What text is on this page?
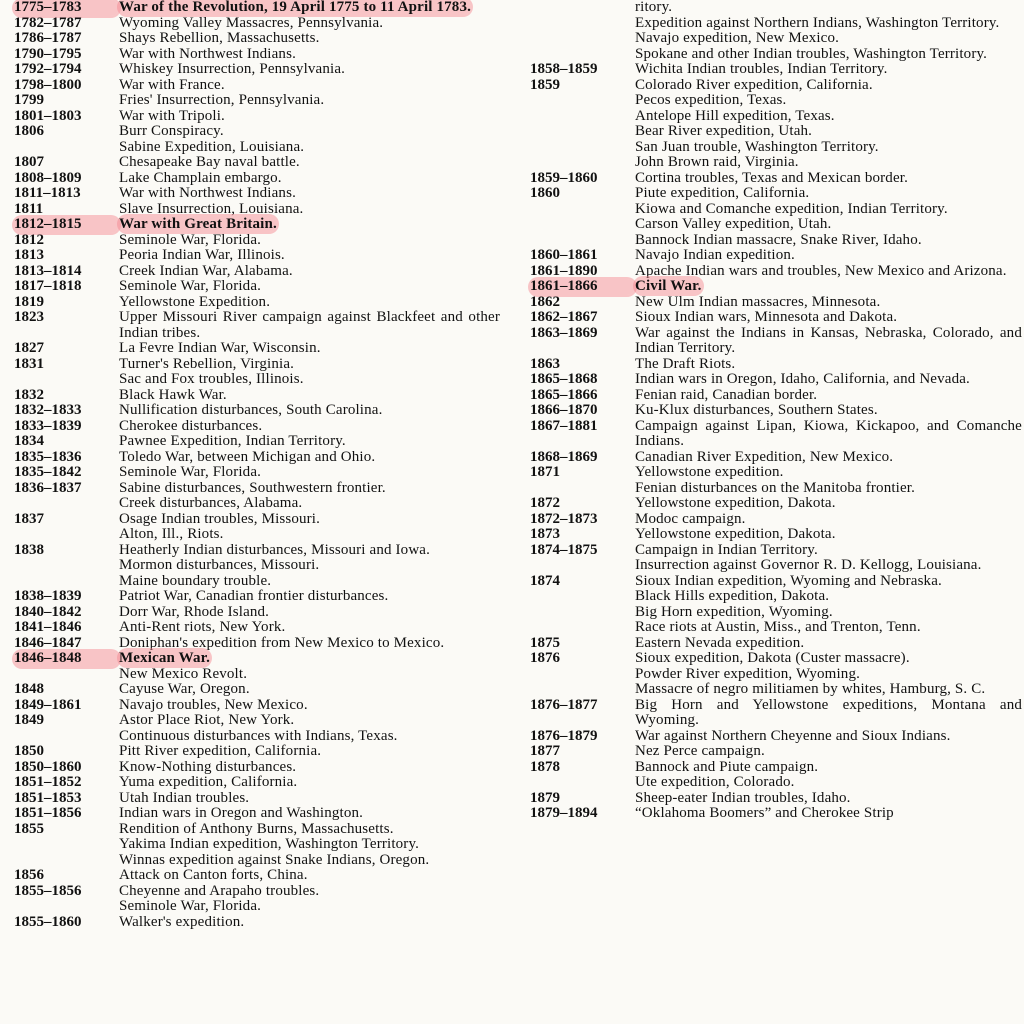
1775–1783	War of the Revolution, 19 April 1775 to 11 April 1783.
1782–1787	Wyoming Valley Massacres, Pennsylvania.
1786–1787	Shays Rebellion, Massachusetts.
1790–1795	War with Northwest Indians.
1792–1794	Whiskey Insurrection, Pennsylvania.
1798–1800	War with France.
1799	Fries' Insurrection, Pennsylvania.
1801–1803	War with Tripoli.
1806	Burr Conspiracy.
Sabine Expedition, Louisiana.
1807	Chesapeake Bay naval battle.
1808–1809	Lake Champlain embargo.
1811–1813	War with Northwest Indians.
1811	Slave Insurrection, Louisiana.
1812–1815	War with Great Britain.
1812	Seminole War, Florida.
1813	Peoria Indian War, Illinois.
1813–1814	Creek Indian War, Alabama.
1817–1818	Seminole War, Florida.
1819	Yellowstone Expedition.
1823	Upper Missouri River campaign against Blackfeet and other Indian tribes.
1827	La Fevre Indian War, Wisconsin.
1831	Turner's Rebellion, Virginia.
Sac and Fox troubles, Illinois.
1832	Black Hawk War.
1832–1833	Nullification disturbances, South Carolina.
1833–1839	Cherokee disturbances.
1834	Pawnee Expedition, Indian Territory.
1835–1836	Toledo War, between Michigan and Ohio.
1835–1842	Seminole War, Florida.
1836–1837	Sabine disturbances, Southwestern frontier.
Creek disturbances, Alabama.
1837	Osage Indian troubles, Missouri.
Alton, Ill., Riots.
1838	Heatherly Indian disturbances, Missouri and Iowa.
Mormon disturbances, Missouri.
Maine boundary trouble.
1838–1839	Patriot War, Canadian frontier disturbances.
1840–1842	Dorr War, Rhode Island.
1841–1846	Anti-Rent riots, New York.
1846–1847	Doniphan's expedition from New Mexico to Mexico.
1846–1848	Mexican War.
New Mexico Revolt.
1848	Cayuse War, Oregon.
1849–1861	Navajo troubles, New Mexico.
1849	Astor Place Riot, New York.
Continuous disturbances with Indians, Texas.
1850	Pitt River expedition, California.
1850–1860	Know-Nothing disturbances.
1851–1852	Yuma expedition, California.
1851–1853	Utah Indian troubles.
1851–1856	Indian wars in Oregon and Washington.
1855	Rendition of Anthony Burns, Massachusetts.
Yakima Indian expedition, Washington Territory.
Winnas expedition against Snake Indians, Oregon.
1856	Attack on Canton forts, China.
1855–1856	Cheyenne and Arapaho troubles.
Seminole War, Florida.
1855–1860	Walker's expedition.
ritory.
Expedition against Northern Indians, Washington Territory.
Navajo expedition, New Mexico.
Spokane and other Indian troubles, Washington Territory.
1858–1859	Wichita Indian troubles, Indian Territory.
1859	Colorado River expedition, California.
Pecos expedition, Texas.
Antelope Hill expedition, Texas.
Bear River expedition, Utah.
San Juan trouble, Washington Territory.
John Brown raid, Virginia.
1859–1860	Cortina troubles, Texas and Mexican border.
1860	Piute expedition, California.
Kiowa and Comanche expedition, Indian Territory.
Carson Valley expedition, Utah.
Bannock Indian massacre, Snake River, Idaho.
1860–1861	Navajo Indian expedition.
1861–1890	Apache Indian wars and troubles, New Mexico and Arizona.
1861–1866	Civil War.
1862	New Ulm Indian massacres, Minnesota.
1862–1867	Sioux Indian wars, Minnesota and Dakota.
1863–1869	War against the Indians in Kansas, Nebraska, Colorado, and Indian Territory.
1863	The Draft Riots.
1865–1868	Indian wars in Oregon, Idaho, California, and Nevada.
1865–1866	Fenian raid, Canadian border.
1866–1870	Ku-Klux disturbances, Southern States.
1867–1881	Campaign against Lipan, Kiowa, Kickapoo, and Comanche Indians.
1868–1869	Canadian River Expedition, New Mexico.
1871	Yellowstone expedition.
Fenian disturbances on the Manitoba frontier.
1872	Yellowstone expedition, Dakota.
1872–1873	Modoc campaign.
1873	Yellowstone expedition, Dakota.
1874–1875	Campaign in Indian Territory.
Insurrection against Governor R. D. Kellogg, Louisiana.
1874	Sioux Indian expedition, Wyoming and Nebraska.
Black Hills expedition, Dakota.
Big Horn expedition, Wyoming.
Race riots at Austin, Miss., and Trenton, Tenn.
1875	Eastern Nevada expedition.
1876	Sioux expedition, Dakota (Custer massacre).
Powder River expedition, Wyoming.
Massacre of negro militiamen by whites, Hamburg, S. C.
1876–1877	Big Horn and Yellowstone expeditions, Montana and Wyoming.
1876–1879	War against Northern Cheyenne and Sioux Indians.
1877	Nez Perce campaign.
1878	Bannock and Piute campaign.
Ute expedition, Colorado.
1879	Sheep-eater Indian troubles, Idaho.
1879–1894	“Oklahoma Boomers” and Cherokee Strip
